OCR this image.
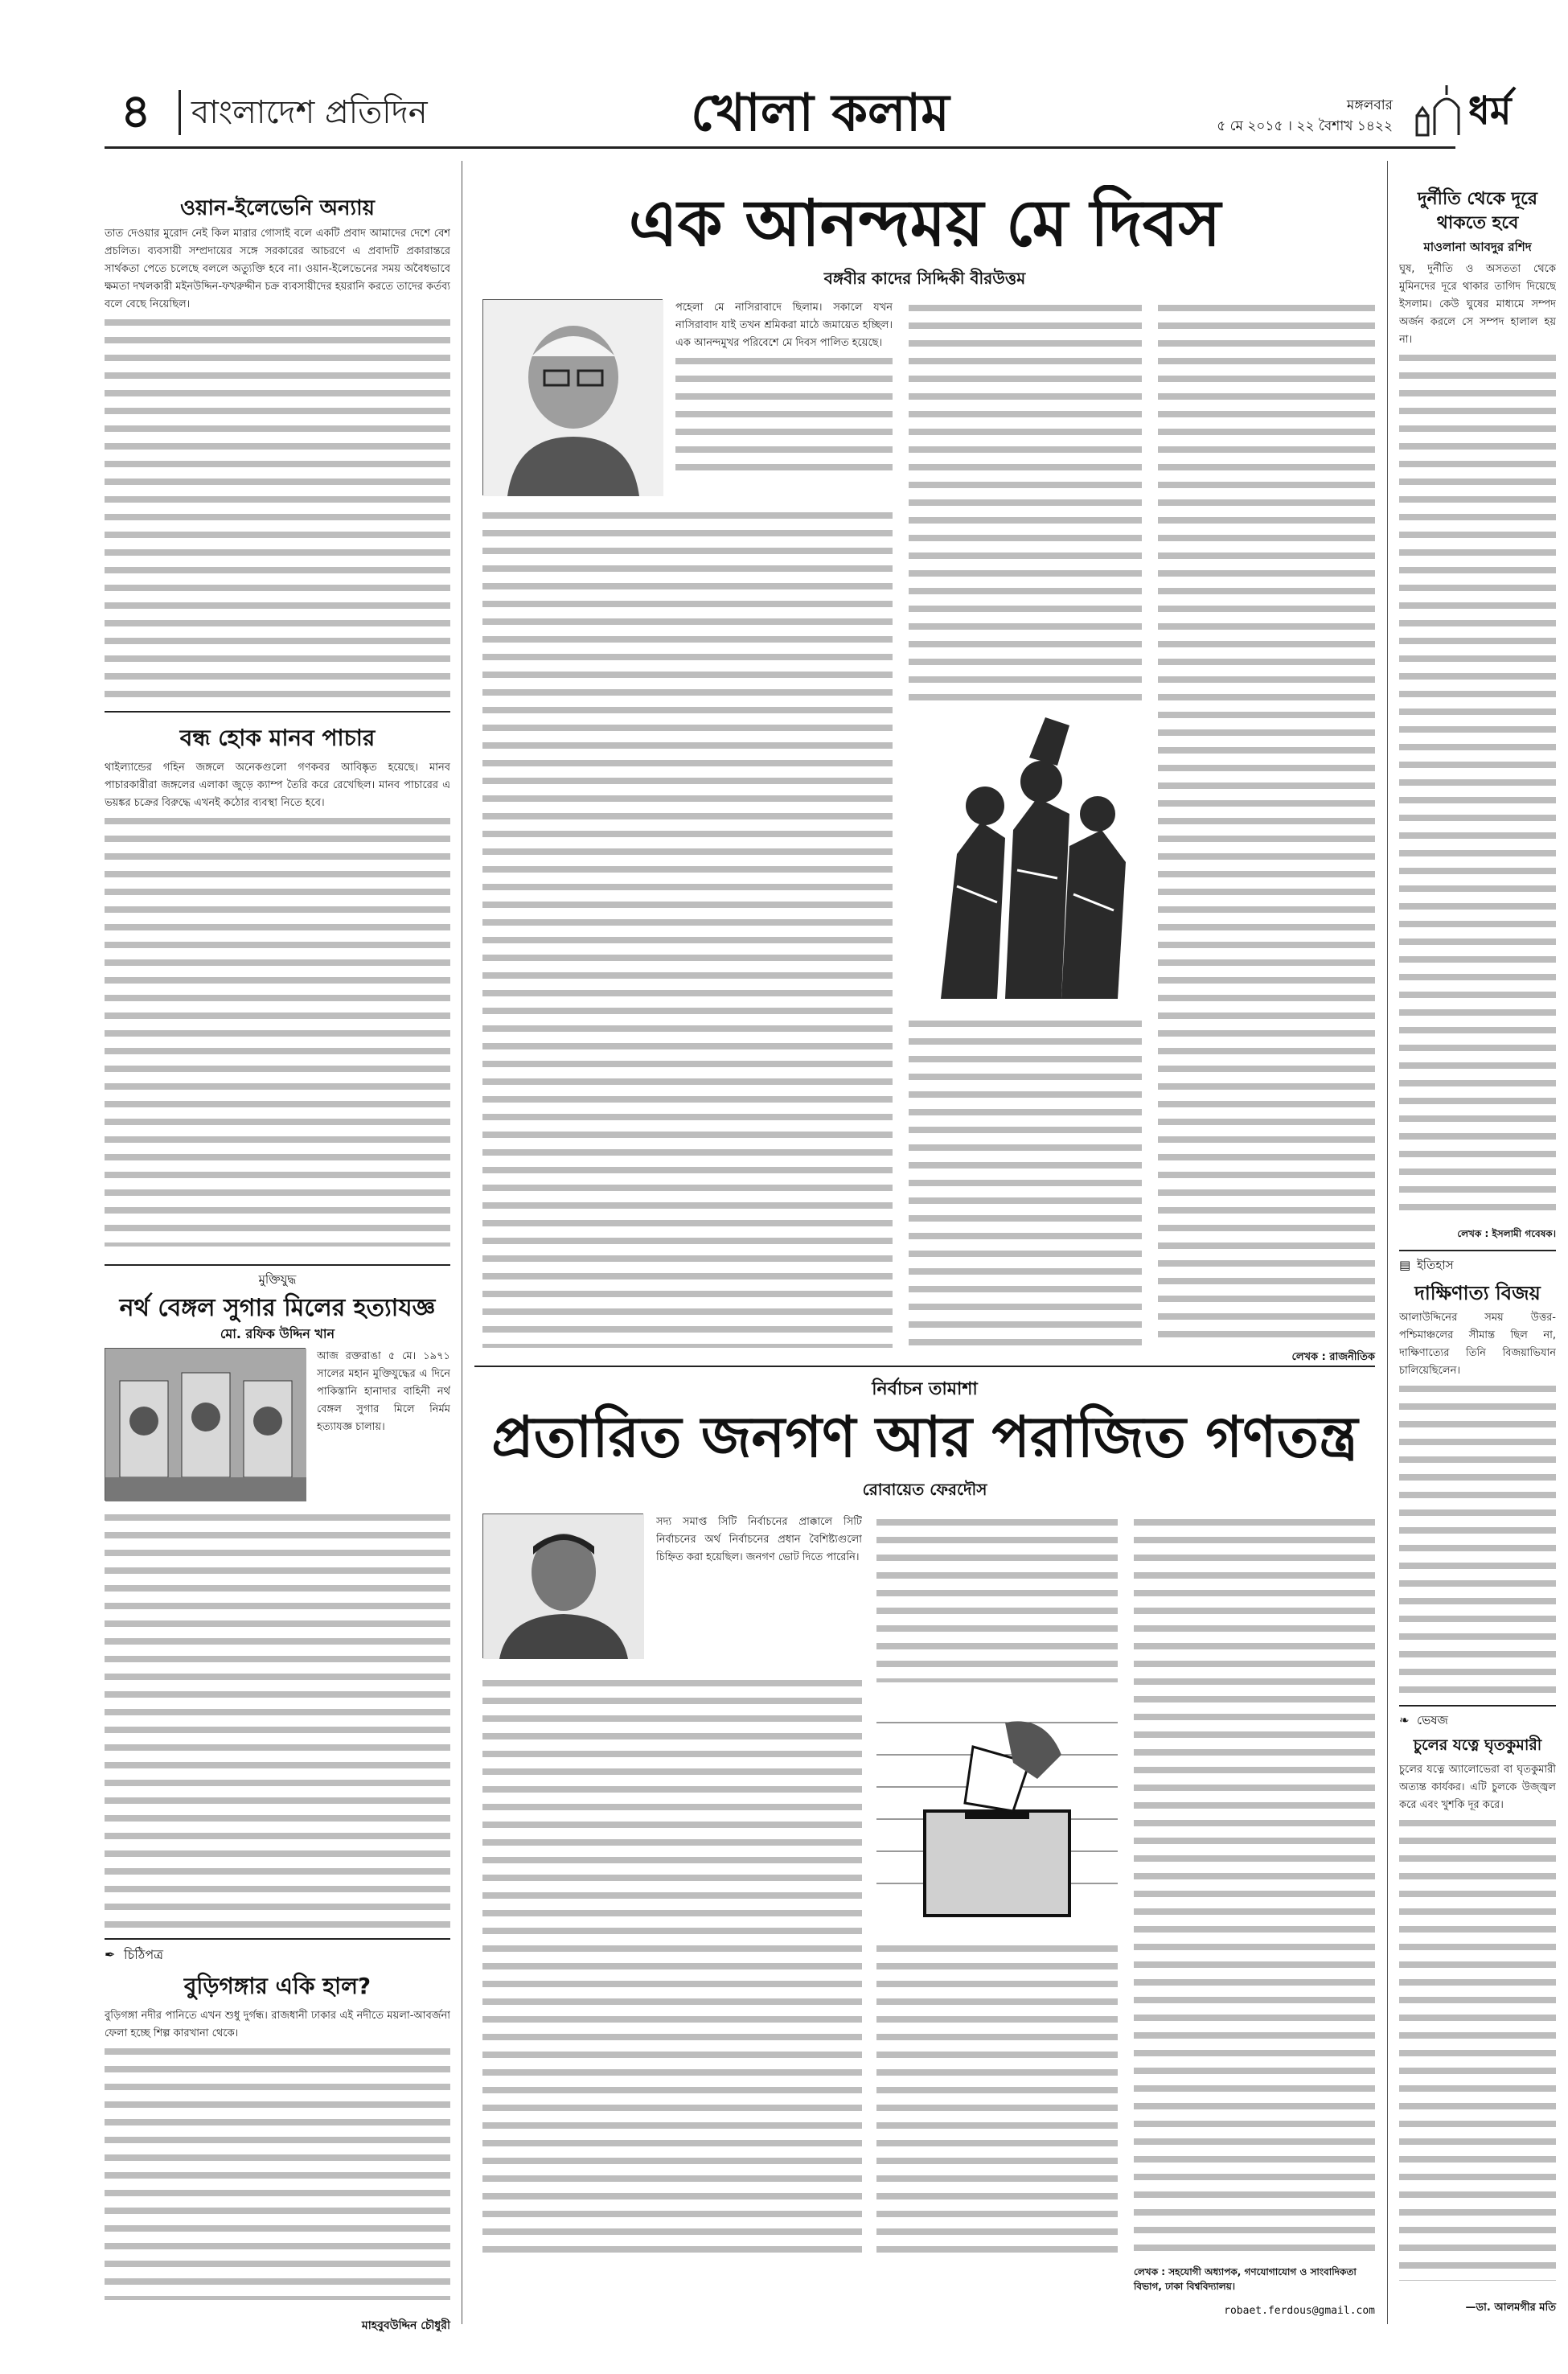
৪ বাংলাদেশ প্রতিদিন	খোলা কলাম	মঙ্গলবার
৫ মে ২০১৫ । ২২ বৈশাখ ১৪২২ ধর্ম
ওয়ান-ইলেভেনি অন্যায়
তাত দেওয়ার মুরোদ নেই কিল মারার গোসাই বলে একটি প্রবাদ আমাদের দেশে বেশ প্রচলিত। ব্যবসায়ী সম্প্রদায়ের সঙ্গে সরকারের আচরণে এ প্রবাদটি প্রকারান্তরে সার্থকতা পেতে চলেছে বললে অত্যুক্তি হবে না। ওয়ান-ইলেভেনের সময় অবৈধভাবে ক্ষমতা দখলকারী মইনউদ্দিন-ফখরুদ্দীন চক্র ব্যবসায়ীদের হয়রানি করতে তাদের কর্তব্য বলে বেছে নিয়েছিল।
বন্ধ হোক মানব পাচার
থাইল্যান্ডের গহিন জঙ্গলে অনেকগুলো গণকবর আবিষ্কৃত হয়েছে। মানব পাচারকারীরা জঙ্গলের এলাকা জুড়ে ক্যাম্প তৈরি করে রেখেছিল। মানব পাচারের এ ভয়ঙ্কর চক্রের বিরুদ্ধে এখনই কঠোর ব্যবস্থা নিতে হবে।
মুক্তিযুদ্ধ
নর্থ বেঙ্গল সুগার মিলের হত্যাযজ্ঞ
মো. রফিক উদ্দিন খান
আজ রক্তরাঙা ৫ মে। ১৯৭১ সালের মহান মুক্তিযুদ্ধের এ দিনে পাকিস্তানি হানাদার বাহিনী নর্থ বেঙ্গল সুগার মিলে নির্মম হত্যাযজ্ঞ চালায়।
✒ চিঠিপত্র
বুড়িগঙ্গার একি হাল?
বুড়িগঙ্গা নদীর পানিতে এখন শুধু দুর্গন্ধ। রাজধানী ঢাকার এই নদীতে ময়লা-আবর্জনা ফেলা হচ্ছে শিল্প কারখানা থেকে।
মাহবুবউদ্দিন চৌধুরী
এক আনন্দময় মে দিবস
বঙ্গবীর কাদের সিদ্দিকী বীরউত্তম
পহেলা মে নাসিরাবাদে ছিলাম। সকালে যখন নাসিরাবাদ যাই তখন শ্রমিকরা মাঠে জমায়েত হচ্ছিল। এক আনন্দমুখর পরিবেশে মে দিবস পালিত হয়েছে।
লেখক : রাজনীতিক
নির্বাচন তামাশা
প্রতারিত জনগণ আর পরাজিত গণতন্ত্র
রোবায়েত ফেরদৌস
সদ্য সমাপ্ত সিটি নির্বাচনের প্রাক্কালে সিটি নির্বাচনের অর্থ নির্বাচনের প্রধান বৈশিষ্ট্যগুলো চিহ্নিত করা হয়েছিল। জনগণ ভোট দিতে পারেনি।
লেখক : সহযোগী অধ্যাপক, গণযোগাযোগ ও সাংবাদিকতা বিভাগ, ঢাকা বিশ্ববিদ্যালয়।
robaet.ferdous@gmail.com
দুর্নীতি থেকে দূরে
থাকতে হবে
মাওলানা আবদুর রশিদ
ঘুষ, দুর্নীতি ও অসততা থেকে মুমিনদের দূরে থাকার তাগিদ দিয়েছে ইসলাম। কেউ ঘুষের মাধ্যমে সম্পদ অর্জন করলে সে সম্পদ হালাল হয় না।
লেখক : ইসলামী গবেষক।
▤ ইতিহাস
দাক্ষিণাত্য বিজয়
আলাউদ্দিনের সময় উত্তর-পশ্চিমাঞ্চলের সীমান্ত ছিল না, দাক্ষিণাত্যের তিনি বিজয়াভিযান চালিয়েছিলেন।
❧ ভেষজ
চুলের যত্নে ঘৃতকুমারী
চুলের যত্নে অ্যালোভেরা বা ঘৃতকুমারী অত্যন্ত কার্যকর। এটি চুলকে উজ্জ্বল করে এবং খুশকি দূর করে।
—ডা. আলমগীর মতি
